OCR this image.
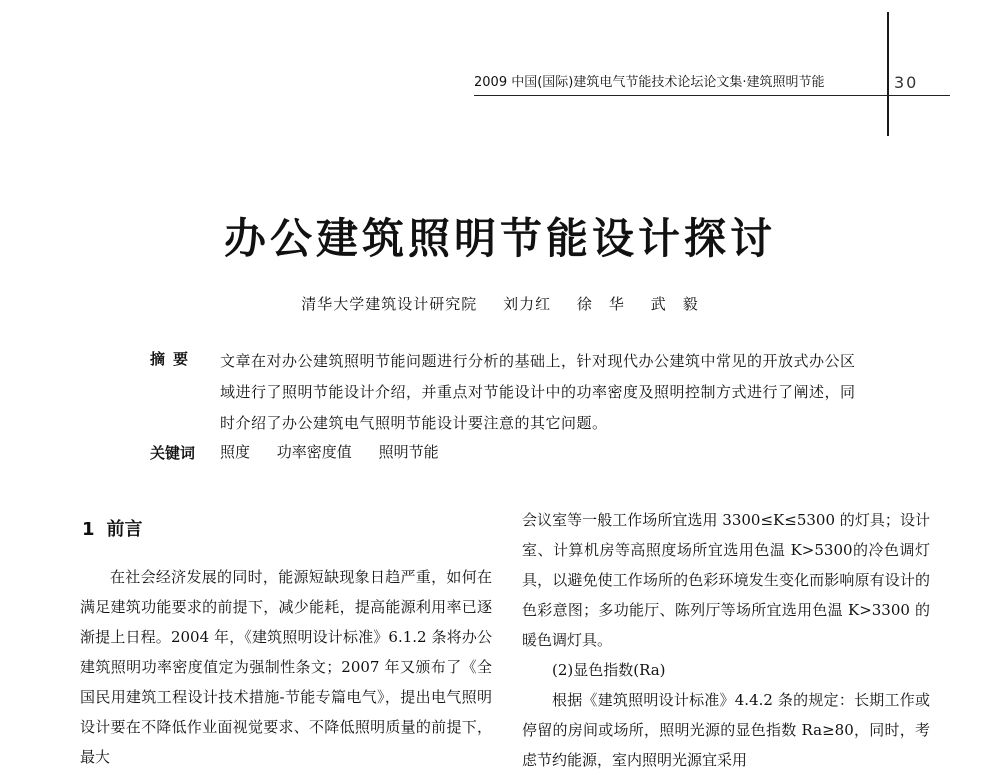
2009 中国(国际)建筑电气节能技术论坛论文集·建筑照明节能	30
办公建筑照明节能设计探讨
清华大学建筑设计研究院 刘力红 徐　华 武　毅
摘要 文章在对办公建筑照明节能问题进行分析的基础上，针对现代办公建筑中常见的开放式办公区域进行了照明节能设计介绍，并重点对节能设计中的功率密度及照明控制方式进行了阐述，同时介绍了办公建筑电气照明节能设计要注意的其它问题。
关键词 照度 功率密度值 照明节能
1 前言

在社会经济发展的同时，能源短缺现象日趋严重，如何在满足建筑功能要求的前提下，减少能耗，提高能源利用率已逐渐提上日程。2004 年，《建筑照明设计标准》6.1.2 条将办公建筑照明功率密度值定为强制性条文；2007 年又颁布了《全国民用建筑工程设计技术措施-节能专篇电气》，提出电气照明设计要在不降低作业面视觉要求、不降低照明质量的前提下，最大

会议室等一般工作场所宜选用 3300≤K≤5300 的灯具；设计室、计算机房等高照度场所宜选用色温 K>5300的冷色调灯具，以避免使工作场所的色彩环境发生变化而影响原有设计的色彩意图；多功能厅、陈列厅等场所宜选用色温 K>3300 的暖色调灯具。

(2)显色指数(Ra)

根据《建筑照明设计标准》4.4.2 条的规定：长期工作或停留的房间或场所，照明光源的显色指数 Ra≥80，同时，考虑节约能源，室内照明光源宜采用
